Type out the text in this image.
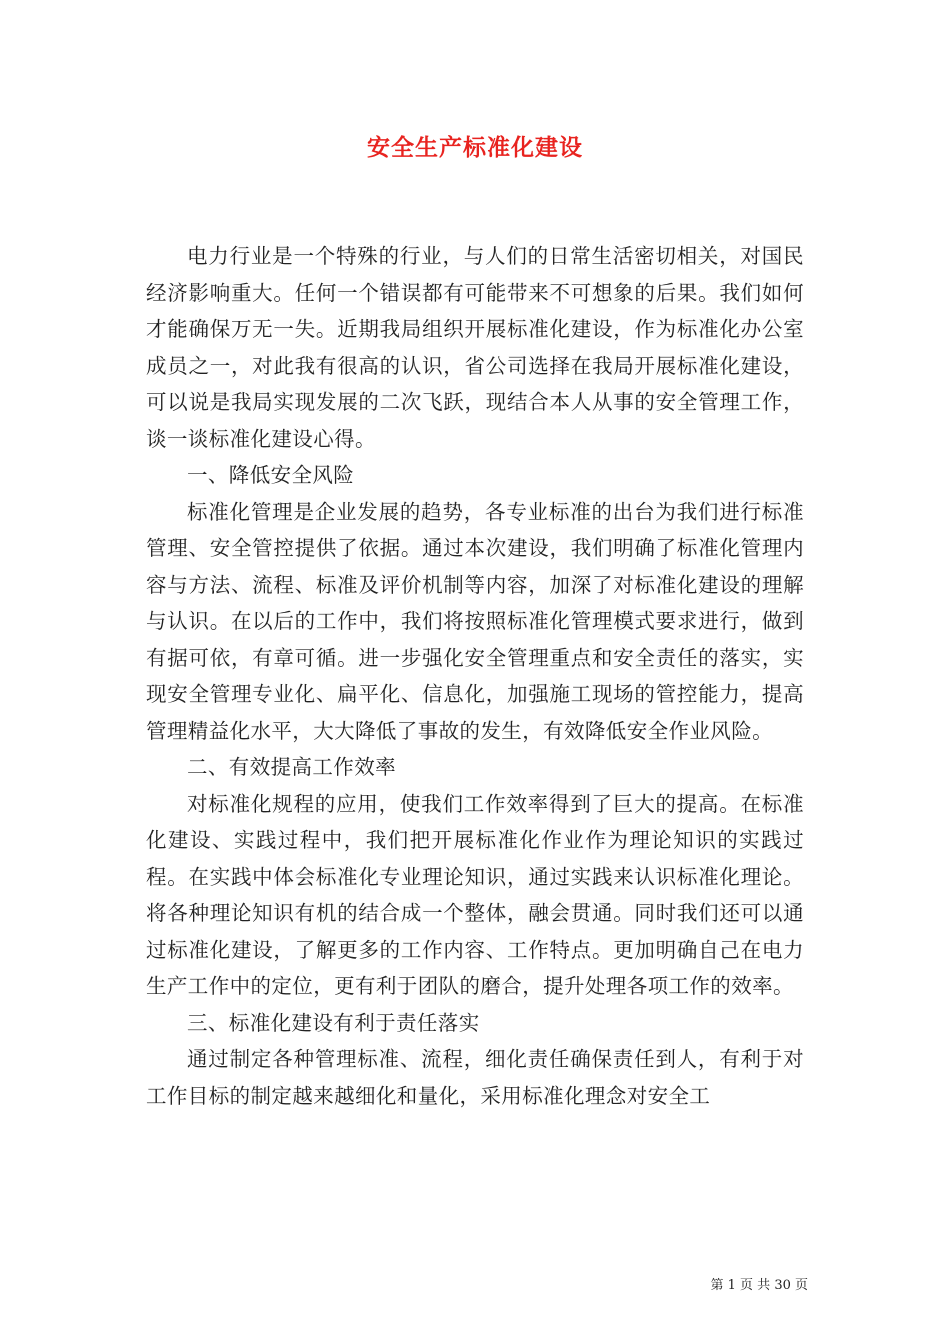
安全生产标准化建设

电力行业是一个特殊的行业，与人们的日常生活密切相关，对国民经济影响重大。任何一个错误都有可能带来不可想象的后果。我们如何才能确保万无一失。近期我局组织开展标准化建设，作为标准化办公室成员之一，对此我有很高的认识，省公司选择在我局开展标准化建设，可以说是我局实现发展的二次飞跃，现结合本人从事的安全管理工作，谈一谈标准化建设心得。

一、降低安全风险

标准化管理是企业发展的趋势，各专业标准的出台为我们进行标准管理、安全管控提供了依据。通过本次建设，我们明确了标准化管理内容与方法、流程、标准及评价机制等内容，加深了对标准化建设的理解与认识。在以后的工作中，我们将按照标准化管理模式要求进行，做到有据可依，有章可循。进一步强化安全管理重点和安全责任的落实，实现安全管理专业化、扁平化、信息化，加强施工现场的管控能力，提高管理精益化水平，大大降低了事故的发生，有效降低安全作业风险。

二、有效提高工作效率

对标准化规程的应用，使我们工作效率得到了巨大的提高。在标准化建设、实践过程中，我们把开展标准化作业作为理论知识的实践过程。在实践中体会标准化专业理论知识，通过实践来认识标准化理论。将各种理论知识有机的结合成一个整体，融会贯通。同时我们还可以通过标准化建设，了解更多的工作内容、工作特点。更加明确自己在电力生产工作中的定位，更有利于团队的磨合，提升处理各项工作的效率。

三、标准化建设有利于责任落实

通过制定各种管理标准、流程，细化责任确保责任到人，有利于对工作目标的制定越来越细化和量化，采用标准化理念对安全工

第 1 页 共 30 页
